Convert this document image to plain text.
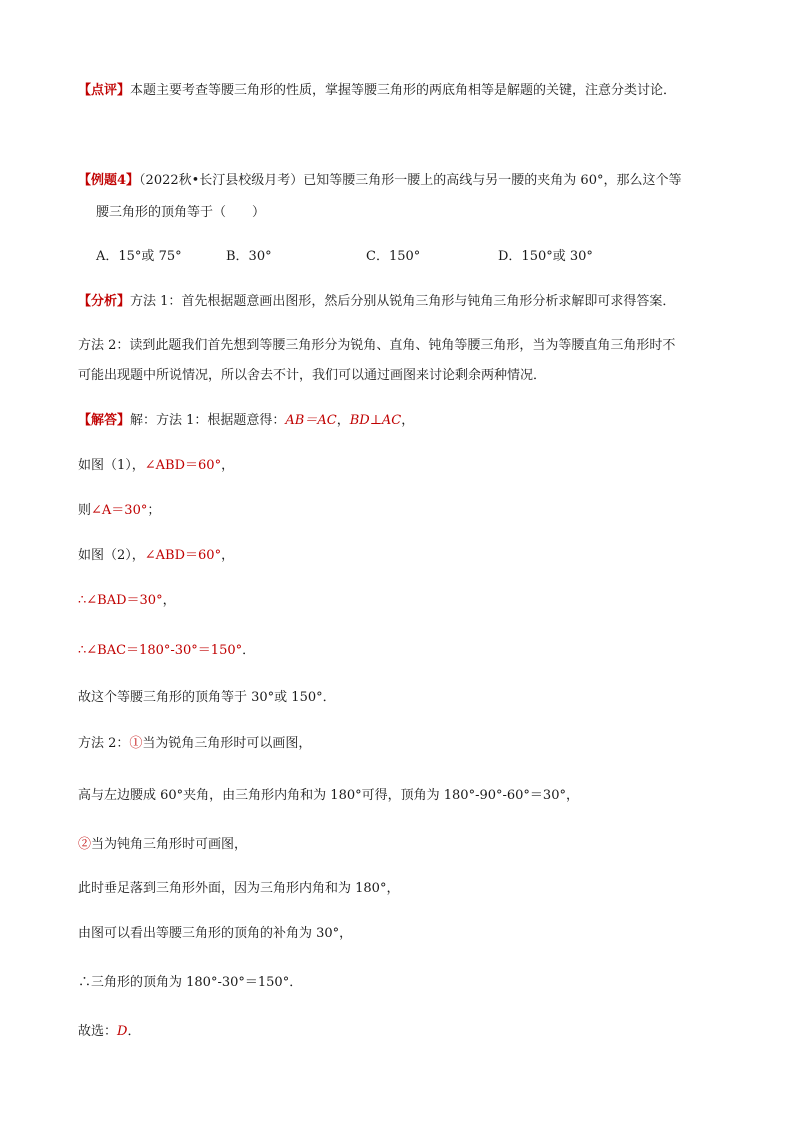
【点评】本题主要考查等腰三角形的性质，掌握等腰三角形的两底角相等是解题的关键，注意分类讨论．
【例题4】（2022秋•长汀县校级月考）已知等腰三角形一腰上的高线与另一腰的夹角为 60°，那么这个等
腰三角形的顶角等于（　　）
A．15°或 75°	B．30°	C．150°	D．150°或 30°
【分析】方法 1：首先根据题意画出图形，然后分别从锐角三角形与钝角三角形分析求解即可求得答案．
方法 2：读到此题我们首先想到等腰三角形分为锐角、直角、钝角等腰三角形，当为等腰直角三角形时不
可能出现题中所说情况，所以舍去不计，我们可以通过画图来讨论剩余两种情况．
【解答】解：方法 1：根据题意得：AB＝AC，BD⊥AC，
如图（1），∠ABD＝60°，
则∠A＝30°；
如图（2），∠ABD＝60°，
∴∠BAD＝30°，
∴∠BAC＝180°-30°＝150°．
故这个等腰三角形的顶角等于 30°或 150°．
方法 2：①当为锐角三角形时可以画图，
高与左边腰成 60°夹角，由三角形内角和为 180°可得，顶角为 180°-90°-60°＝30°，
②当为钝角三角形时可画图，
此时垂足落到三角形外面，因为三角形内角和为 180°，
由图可以看出等腰三角形的顶角的补角为 30°，
∴三角形的顶角为 180°-30°＝150°．
故选：D．
